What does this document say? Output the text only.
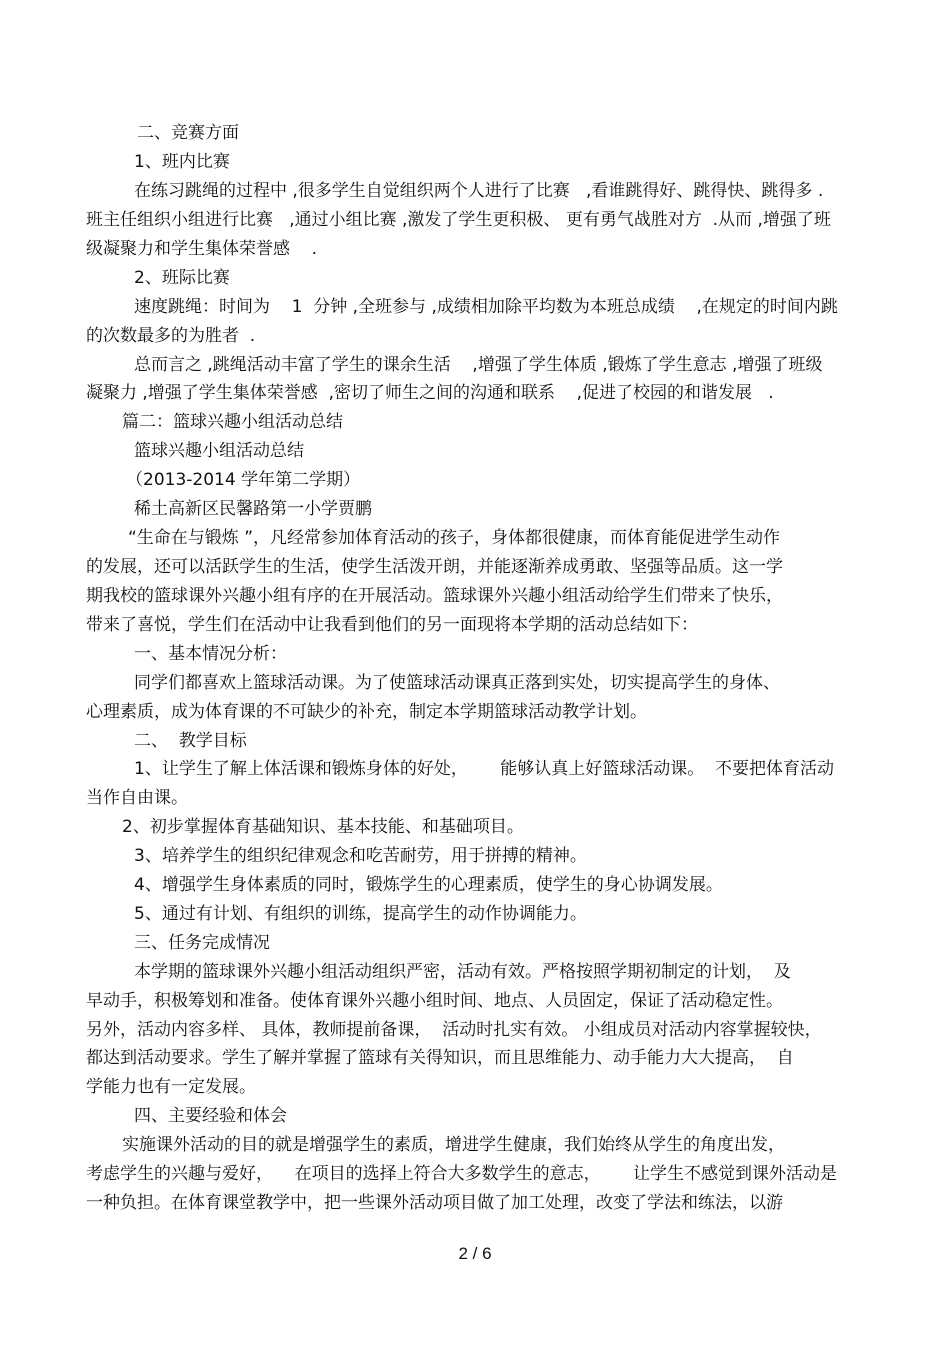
二、竞赛方面
1、班内比赛
在练习跳绳的过程中 ,很多学生自觉组织两个人进行了比赛   ,看谁跳得好、跳得快、跳得多 .
班主任组织小组进行比赛   ,通过小组比赛 ,激发了学生更积极、 更有勇气战胜对方  .从而 ,增强了班
级凝聚力和学生集体荣誉感    .
2、班际比赛
速度跳绳：时间为    1  分钟 ,全班参与 ,成绩相加除平均数为本班总成绩    ,在规定的时间内跳
的次数最多的为胜者  .
总而言之 ,跳绳活动丰富了学生的课余生活    ,增强了学生体质 ,锻炼了学生意志 ,增强了班级
凝聚力 ,增强了学生集体荣誉感  ,密切了师生之间的沟通和联系    ,促进了校园的和谐发展   .
篇二：篮球兴趣小组活动总结
篮球兴趣小组活动总结
（2013-2014 学年第二学期）
稀土高新区民馨路第一小学贾鹏
“生命在与锻炼 ”，凡经常参加体育活动的孩子，身体都很健康，而体育能促进学生动作
的发展，还可以活跃学生的生活，使学生活泼开朗，并能逐渐养成勇敢、坚强等品质。这一学
期我校的篮球课外兴趣小组有序的在开展活动。篮球课外兴趣小组活动给学生们带来了快乐，
带来了喜悦，学生们在活动中让我看到他们的另一面现将本学期的活动总结如下：
一、基本情况分析：
同学们都喜欢上篮球活动课。为了使篮球活动课真正落到实处，切实提高学生的身体、
心理素质，成为体育课的不可缺少的补充，制定本学期篮球活动教学计划。
二、  教学目标
1、让学生了解上体活课和锻炼身体的好处，      能够认真上好篮球活动课。  不要把体育活动
当作自由课。
2、初步掌握体育基础知识、基本技能、和基础项目。
3、培养学生的组织纪律观念和吃苦耐劳，用于拼搏的精神。
4、增强学生身体素质的同时，锻炼学生的心理素质，使学生的身心协调发展。
5、通过有计划、有组织的训练，提高学生的动作协调能力。
三、任务完成情况
本学期的篮球课外兴趣小组活动组织严密，活动有效。严格按照学期初制定的计划，  及
早动手，积极筹划和准备。使体育课外兴趣小组时间、地点、人员固定，保证了活动稳定性。
另外，活动内容多样、 具体，教师提前备课，  活动时扎实有效。 小组成员对活动内容掌握较快，
都达到活动要求。学生了解并掌握了篮球有关得知识，而且思维能力、动手能力大大提高，  自
学能力也有一定发展。
四、主要经验和体会
实施课外活动的目的就是增强学生的素质，增进学生健康，我们始终从学生的角度出发，
考虑学生的兴趣与爱好，    在项目的选择上符合大多数学生的意志，      让学生不感觉到课外活动是
一种负担。在体育课堂教学中，把一些课外活动项目做了加工处理，改变了学法和练法，以游
2 / 6
